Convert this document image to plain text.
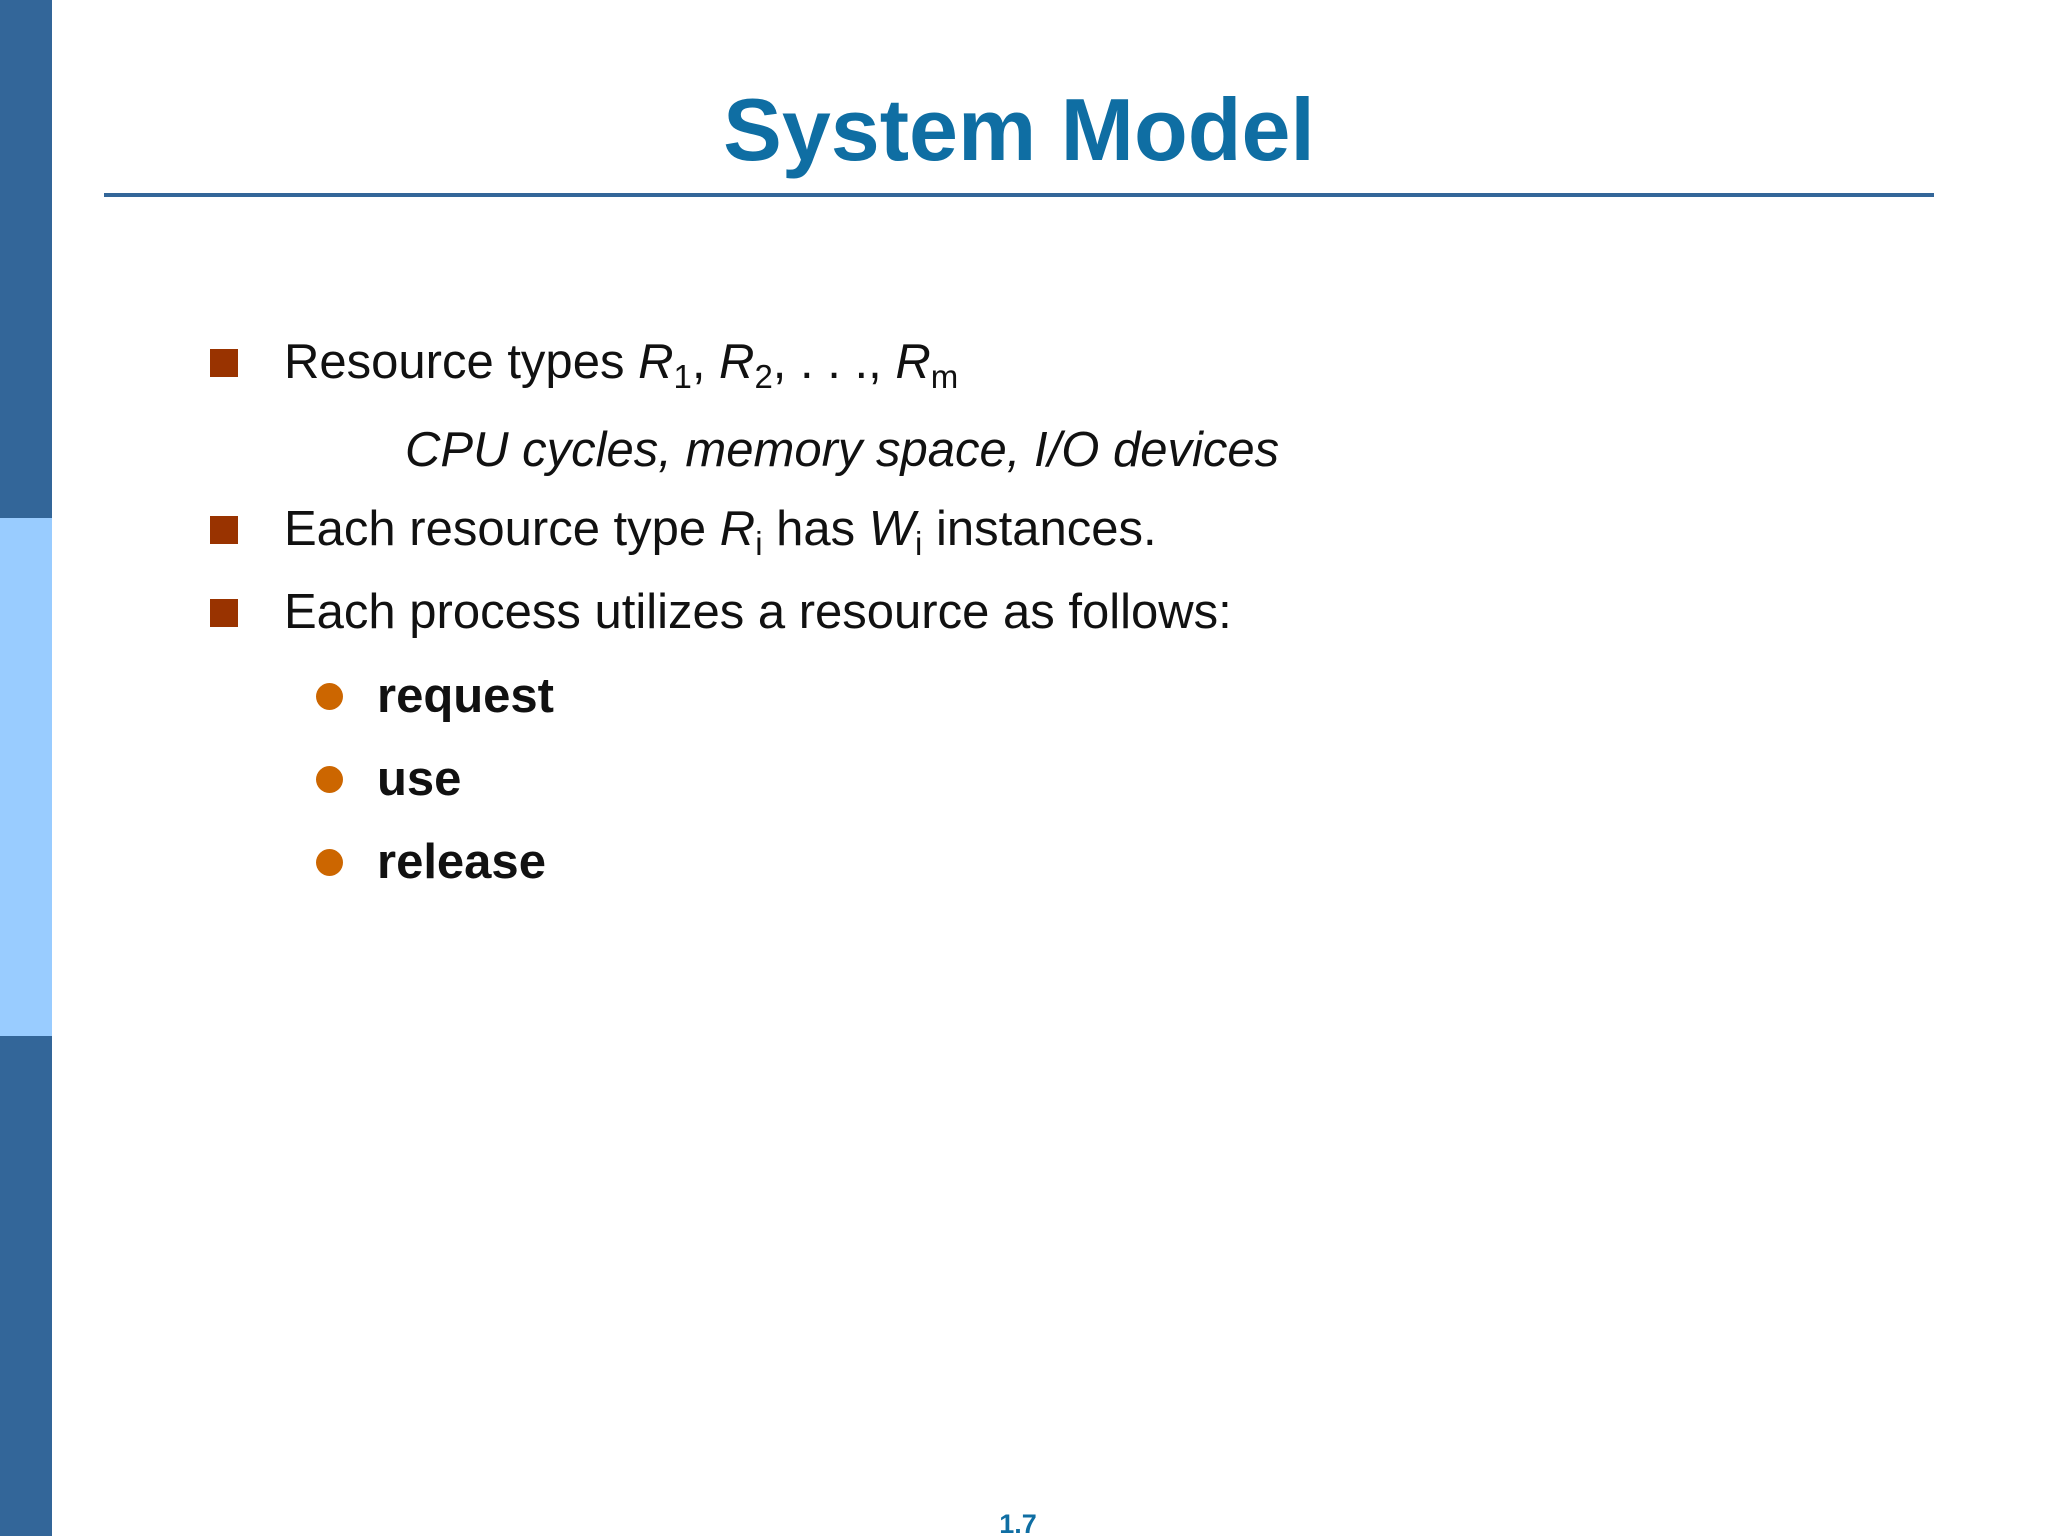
System Model
Resource types $R_1$, $R_2$, . . ., $R_m$
CPU cycles, memory space, I/O devices
Each resource type $R_i$ has $W_i$ instances.
Each process utilizes a resource as follows:
request
use
release
1.7
